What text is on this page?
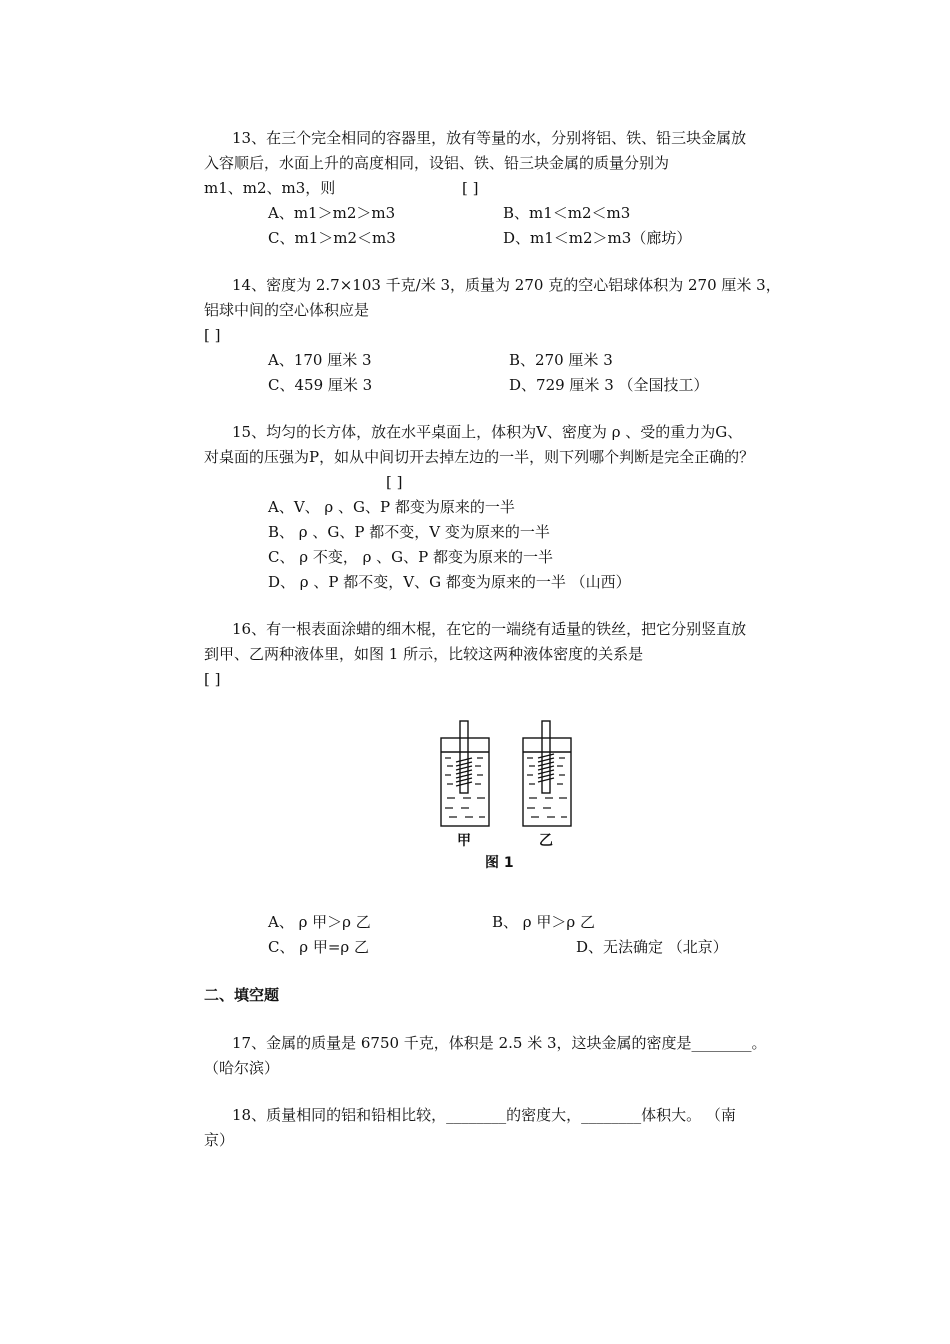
13、在三个完全相同的容器里，放有等量的水，分别将铝、铁、铅三块金属放
入容顺后，水面上升的高度相同，设铝、铁、铅三块金属的质量分别为
m1、m2、m3，则	[ ]
A、m1＞m2＞m3	B、m1＜m2＜m3
C、m1＞m2＜m3	D、m1＜m2＞m3（廊坊）
14、密度为 2.7×103 千克/米 3，质量为 270 克的空心铝球体积为 270 厘米 3，
铝球中间的空心体积应是
[ ]
A、170 厘米 3	B、270 厘米 3
C、459 厘米 3	D、729 厘米 3 （全国技工）
15、均匀的长方体，放在水平桌面上，体积为V、密度为 ρ 、受的重力为G、
对桌面的压强为P，如从中间切开去掉左边的一半，则下列哪个判断是完全正确的？
[ ]
A、V、 ρ 、G、P 都变为原来的一半
B、 ρ 、G、P 都不变，V 变为原来的一半
C、 ρ 不变， ρ 、G、P 都变为原来的一半
D、 ρ 、P 都不变，V、G 都变为原来的一半 （山西）
16、有一根表面涂蜡的细木棍，在它的一端绕有适量的铁丝，把它分别竖直放
到甲、乙两种液体里，如图 1 所示，比较这两种液体密度的关系是
[ ]
甲	乙
图 1
A、 ρ 甲＞ρ 乙	B、 ρ 甲＞ρ 乙
C、 ρ 甲=ρ 乙	D、无法确定 （北京）
二、填空题
17、金属的质量是 6750 千克，体积是 2.5 米 3，这块金属的密度是________。
（哈尔滨）
18、质量相同的铝和铅相比较，________的密度大，________体积大。 （南
京）
